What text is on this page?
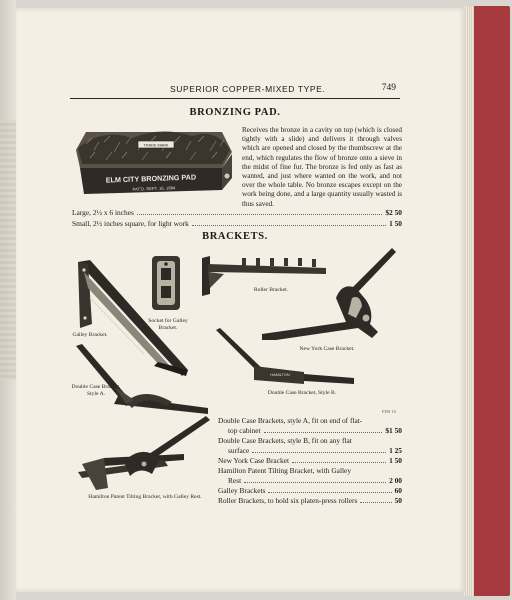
SUPERIOR COPPER-MIXED TYPE.	749
BRONZING PAD.
TRADE MARK
ELM CITY BRONZING PAD
PAT'D. SEPT. 16. 1884
Receives the bronze in a cavity on top (which is closed tightly with a slide) and delivers it through valves which are opened and closed by the thumbscrew at the end, which regulates the flow of bronze onto a sieve in the midst of fine fur. The bronze is fed only as fast as wanted, and just where wanted on the work, and not over the whole table. No bronze escapes except on the work being done, and a large quantity usually wasted is thus saved.
Large, 2½ x 6 inches	$2 50
Small, 2½ inches square, for light work	1 50
BRACKETS.
Galley Bracket.
Socket for Galley Bracket.
Roller Bracket.
New York Case Bracket.
Double Case Bracket, Style A.
HAMILTON
Double Case Bracket, Style B.
Hamilton Patent Tilting Bracket, with Galley Rest.
FEB 16
Double Case Brackets, style A, fit on end of flat-
top cabinet	$1 50
Double Case Brackets, style B, fit on any flat
surface	1 25
New York Case Bracket	1 50
Hamilton Patent Tilting Bracket, with Galley
Rest	2 00
Galley Brackets	60
Roller Brackets, to hold six platen-press rollers	50
